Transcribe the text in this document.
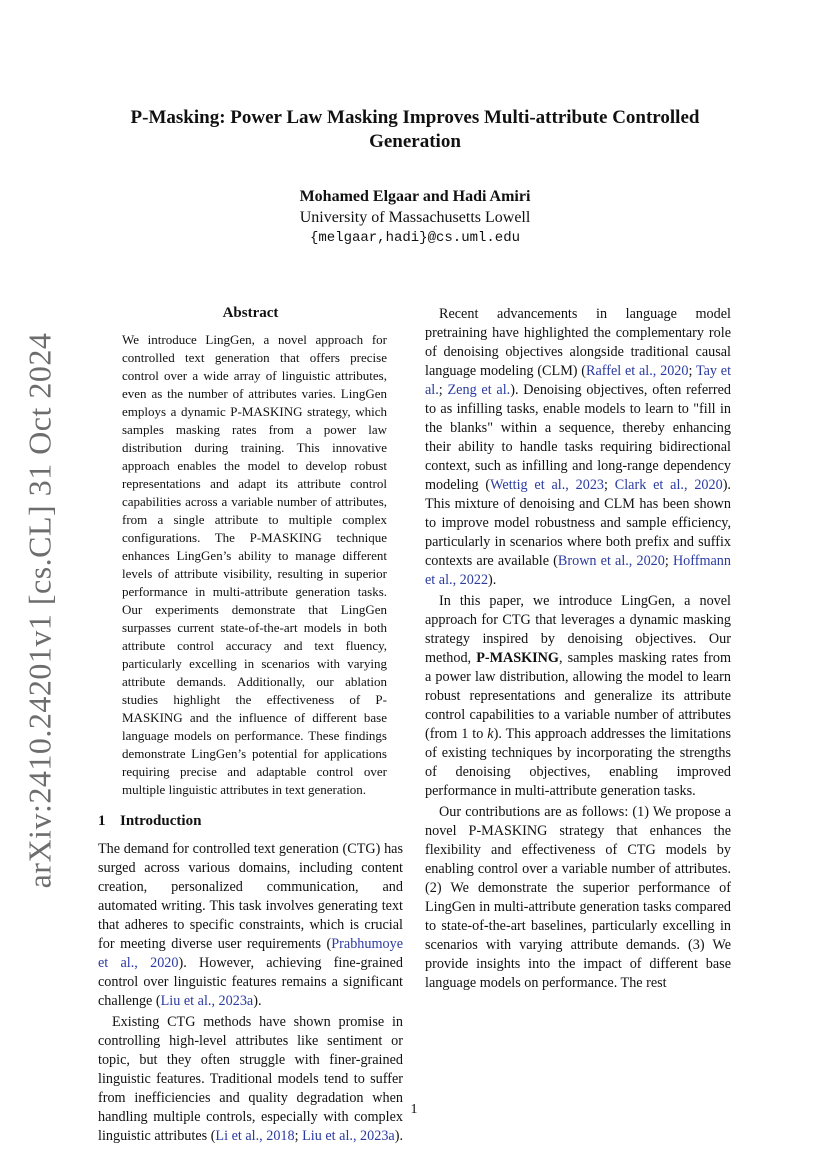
arXiv:2410.24201v1 [cs.CL] 31 Oct 2024
P-Masking: Power Law Masking Improves Multi-attribute Controlled Generation
Mohamed Elgaar and Hadi Amiri
University of Massachusetts Lowell
{melgaar,hadi}@cs.uml.edu
Abstract
We introduce LingGen, a novel approach for controlled text generation that offers precise control over a wide array of linguistic attributes, even as the number of attributes varies. LingGen employs a dynamic P-MASKING strategy, which samples masking rates from a power law distribution during training. This innovative approach enables the model to develop robust representations and adapt its attribute control capabilities across a variable number of attributes, from a single attribute to multiple complex configurations. The P-MASKING technique enhances LingGen’s ability to manage different levels of attribute visibility, resulting in superior performance in multi-attribute generation tasks. Our experiments demonstrate that LingGen surpasses current state-of-the-art models in both attribute control accuracy and text fluency, particularly excelling in scenarios with varying attribute demands. Additionally, our ablation studies highlight the effectiveness of P-MASKING and the influence of different base language models on performance. These findings demonstrate LingGen’s potential for applications requiring precise and adaptable control over multiple linguistic attributes in text generation.
1 Introduction

The demand for controlled text generation (CTG) has surged across various domains, including content creation, personalized communication, and automated writing. This task involves generating text that adheres to specific constraints, which is crucial for meeting diverse user requirements (Prabhumoye et al., 2020). However, achieving fine-grained control over linguistic features remains a significant challenge (Liu et al., 2023a).

Existing CTG methods have shown promise in controlling high-level attributes like sentiment or topic, but they often struggle with finer-grained linguistic features. Traditional models tend to suffer from inefficiencies and quality degradation when handling multiple controls, especially with complex linguistic attributes (Li et al., 2018; Liu et al., 2023a).

Recent advancements in language model pretraining have highlighted the complementary role of denoising objectives alongside traditional causal language modeling (CLM) (Raffel et al., 2020; Tay et al.; Zeng et al.). Denoising objectives, often referred to as infilling tasks, enable models to learn to "fill in the blanks" within a sequence, thereby enhancing their ability to handle tasks requiring bidirectional context, such as infilling and long-range dependency modeling (Wettig et al., 2023; Clark et al., 2020). This mixture of denoising and CLM has been shown to improve model robustness and sample efficiency, particularly in scenarios where both prefix and suffix contexts are available (Brown et al., 2020; Hoffmann et al., 2022).

In this paper, we introduce LingGen, a novel approach for CTG that leverages a dynamic masking strategy inspired by denoising objectives. Our method, P-MASKING, samples masking rates from a power law distribution, allowing the model to learn robust representations and generalize its attribute control capabilities to a variable number of attributes (from 1 to k). This approach addresses the limitations of existing techniques by incorporating the strengths of denoising objectives, enabling improved performance in multi-attribute generation tasks.

Our contributions are as follows: (1) We propose a novel P-MASKING strategy that enhances the flexibility and effectiveness of CTG models by enabling control over a variable number of attributes. (2) We demonstrate the superior performance of LingGen in multi-attribute generation tasks compared to state-of-the-art baselines, particularly excelling in scenarios with varying attribute demands. (3) We provide insights into the impact of different base language models on performance. The rest

1
